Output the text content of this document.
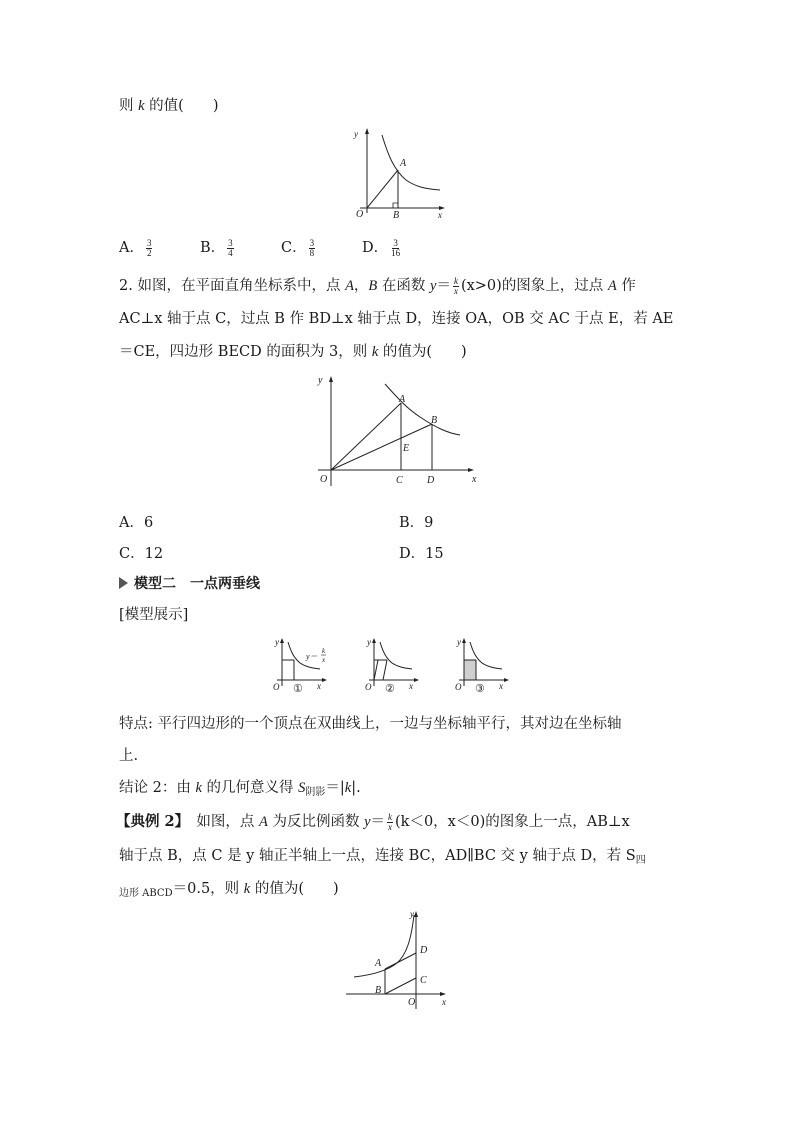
则 k 的值(　　)
y
x
O
A
B
A． $\frac{3}{2}$	B． $\frac{3}{4}$	C． $\frac{3}{8}$	D． $\frac{3}{16}$
2. 如图，在平面直角坐标系中，点 A，B 在函数 $y= \frac{k}{x} (x>0)$的图象上，过点 A 作
AC⊥x 轴于点 C，过点 B 作 BD⊥x 轴于点 D，连接 OA，OB 交 AC 于点 E，若 AE
＝CE，四边形 BECD 的面积为 3，则 k 的值为(　　)
y
x
O
A
B
C D
E
A．6	B．9
C．12	D．15
模型二　一点两垂线
[模型展示]
y
O	x
y＝
k
x
①
y
O	x
②
y
O	x
③
特点: 平行四边形的一个顶点在双曲线上，一边与坐标轴平行，其对边在坐标轴
上.
结论 2：由 k 的几何意义得 $S_{阴影}=|k|$.
【典例 2】　如图，点 A 为反比例函数 $y= \frac{k}{x} (k<0$，x＜0)的图象上一点，AB⊥x
轴于点 B，点 C 是 y 轴正半轴上一点，连接 BC，AD∥BC 交 y 轴于点 D，若 $S_四$
$_{边形 ABCD}$＝0.5，则 k 的值为(　　)
y
x
O
A
B
C
D
